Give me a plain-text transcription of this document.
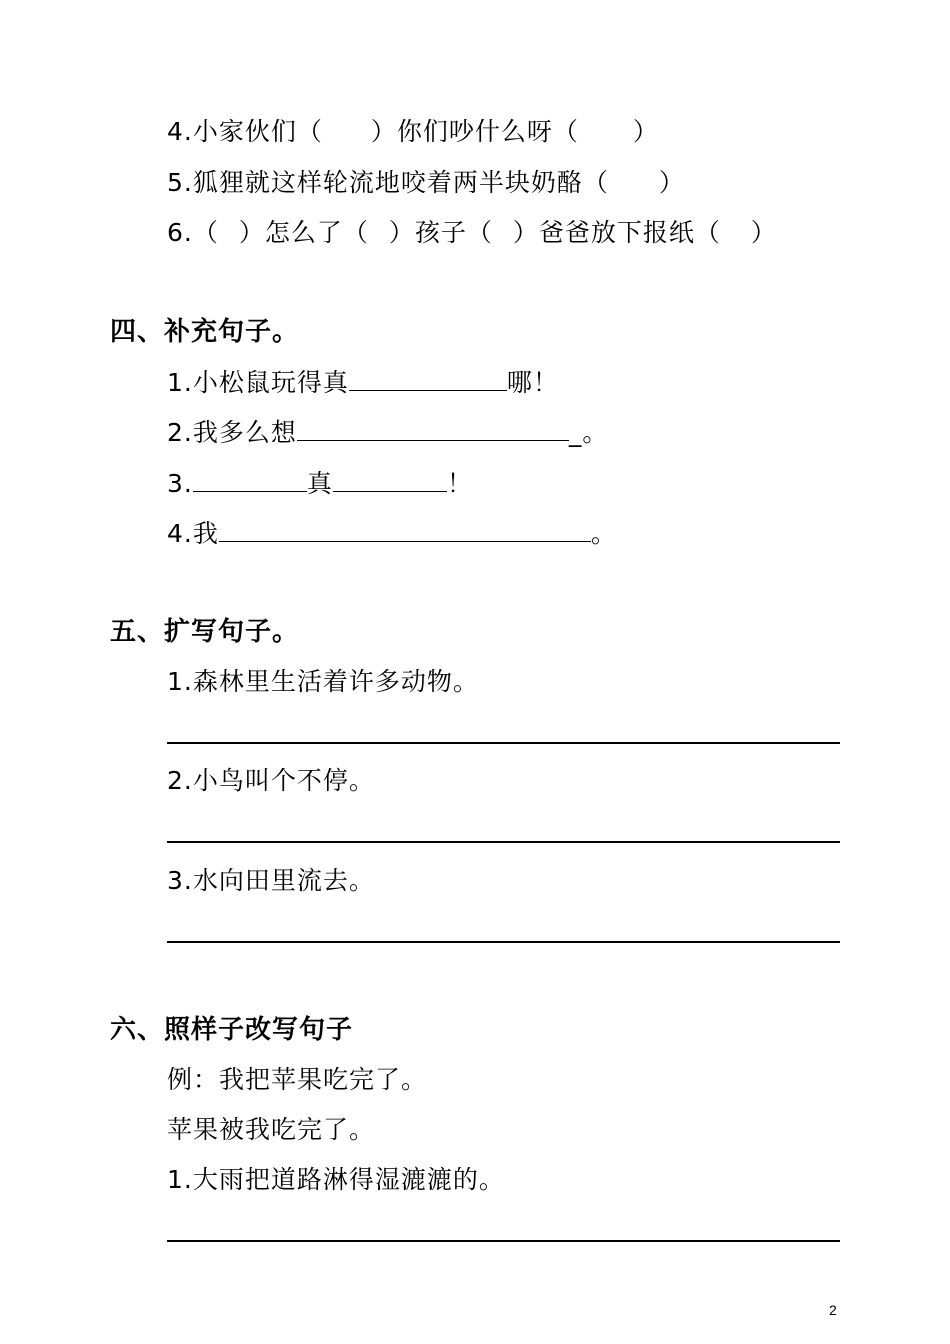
4.小家伙们（ ）你们吵什么呀（ ）
5.狐狸就这样轮流地咬着两半块奶酪（ ）
6.（ ）怎么了（ ）孩子（ ）爸爸放下报纸（ ）
四、补充句子。
1.小松鼠玩得真	哪！
2.我多么想	_。
3.	真	！
4.我	。
五、扩写句子。
1.森林里生活着许多动物。
2.小鸟叫个不停。
3.水向田里流去。
六、照样子改写句子
例：我把苹果吃完了。
苹果被我吃完了。
1.大雨把道路淋得湿漉漉的。
2
